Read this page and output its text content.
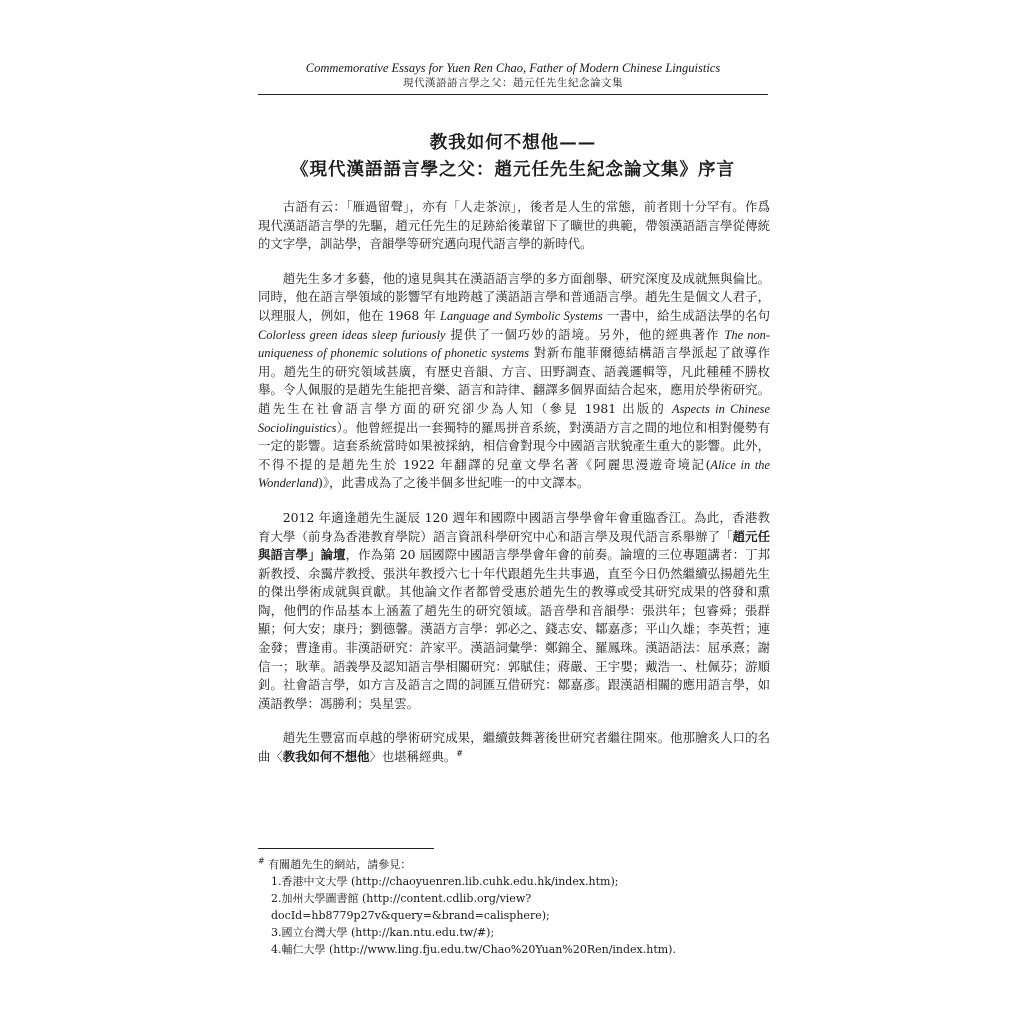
Commemorative Essays for Yuen Ren Chao, Father of Modern Chinese Linguistics
現代漢語語言學之父：趙元任先生紀念論文集
教我如何不想他——
《現代漢語語言學之父：趙元任先生紀念論文集》序言

古語有云：「雁過留聲」，亦有「人走茶涼」，後者是人生的常態，前者則十分罕有。作爲現代漢語語言學的先驅，趙元任先生的足跡給後輩留下了曠世的典範，帶領漢語語言學從傳統的文字學，訓詁學，音韻學等研究邁向現代語言學的新時代。

趙先生多才多藝，他的遠見與其在漢語語言學的多方面創舉、研究深度及成就無與倫比。同時，他在語言學領域的影響罕有地跨越了漢語語言學和普通語言學。趙先生是個文人君子，以理服人，例如，他在 1968 年 Language and Symbolic Systems 一書中，給生成語法學的名句 Colorless green ideas sleep furiously 提供了一個巧妙的語境。另外，他的經典著作 The non-uniqueness of phonemic solutions of phonetic systems 對新布龍菲爾德結構語言學派起了啟導作用。趙先生的研究領域甚廣，有歷史音韻、方言、田野調查、語義邏輯等，凡此種種不勝枚舉。令人佩服的是趙先生能把音樂、語言和詩律、翻譯多個界面結合起來，應用於學術研究。趙先生在社會語言學方面的研究卻少為人知（參見 1981 出版的 Aspects in Chinese Sociolinguistics）。他曾經提出一套獨特的羅馬拼音系統，對漢語方言之間的地位和相對優勢有一定的影響。這套系統當時如果被採納，相信會對現今中國語言狀貌產生重大的影響。此外，不得不提的是趙先生於 1922 年翻譯的兒童文學名著《阿麗思漫遊奇境記(Alice in the Wonderland)》，此書成為了之後半個多世紀唯一的中文譯本。

2012 年適逢趙先生誕辰 120 週年和國際中國語言學學會年會重臨香江。為此，香港教育大學（前身為香港教育學院）語言資訊科學研究中心和語言學及現代語言系舉辦了「趙元任與語言學」論壇，作為第 20 屆國際中國語言學學會年會的前奏。論壇的三位專題講者：丁邦新教授、余靄芹教授、張洪年教授六七十年代跟趙先生共事過，直至今日仍然繼續弘揚趙先生的傑出學術成就與貢獻。其他論文作者都曾受惠於趙先生的教導或受其研究成果的啓發和熏陶，他們的作品基本上涵蓋了趙先生的研究領域。語音學和音韻學：張洪年；包睿舜；張群顯；何大安；康丹；劉德馨。漢語方言學：郭必之、錢志安、鄒嘉彥；平山久雄；李英哲；連金發；曹逢甫。非漢語研究：許家平。漢語詞彙學：鄭錦全、羅鳳珠。漢語語法：屈承熹；謝信一；耿華。語義學及認知語言學相關研究：郭賦佳；蔣嚴、王宇嬰；戴浩一、杜佩芬；游順釗。社會語言學，如方言及語言之間的詞匯互借研究：鄒嘉彥。跟漢語相關的應用語言學，如漢語教學：馮勝利；吳星雲。

趙先生豐富而卓越的學術研究成果，繼續鼓舞著後世研究者繼往開來。他那膾炙人口的名曲〈教我如何不想他〉也堪稱經典。#

# 有關趙先生的網站，請參見：
1.香港中文大學 (http://chaoyuenren.lib.cuhk.edu.hk/index.htm);
2.加州大學圖書館 (http://content.cdlib.org/view?docId=hb8779p27v&query=&brand=calisphere);
3.國立台灣大學 (http://kan.ntu.edu.tw/#);
4.輔仁大學 (http://www.ling.fju.edu.tw/Chao%20Yuan%20Ren/index.htm).
